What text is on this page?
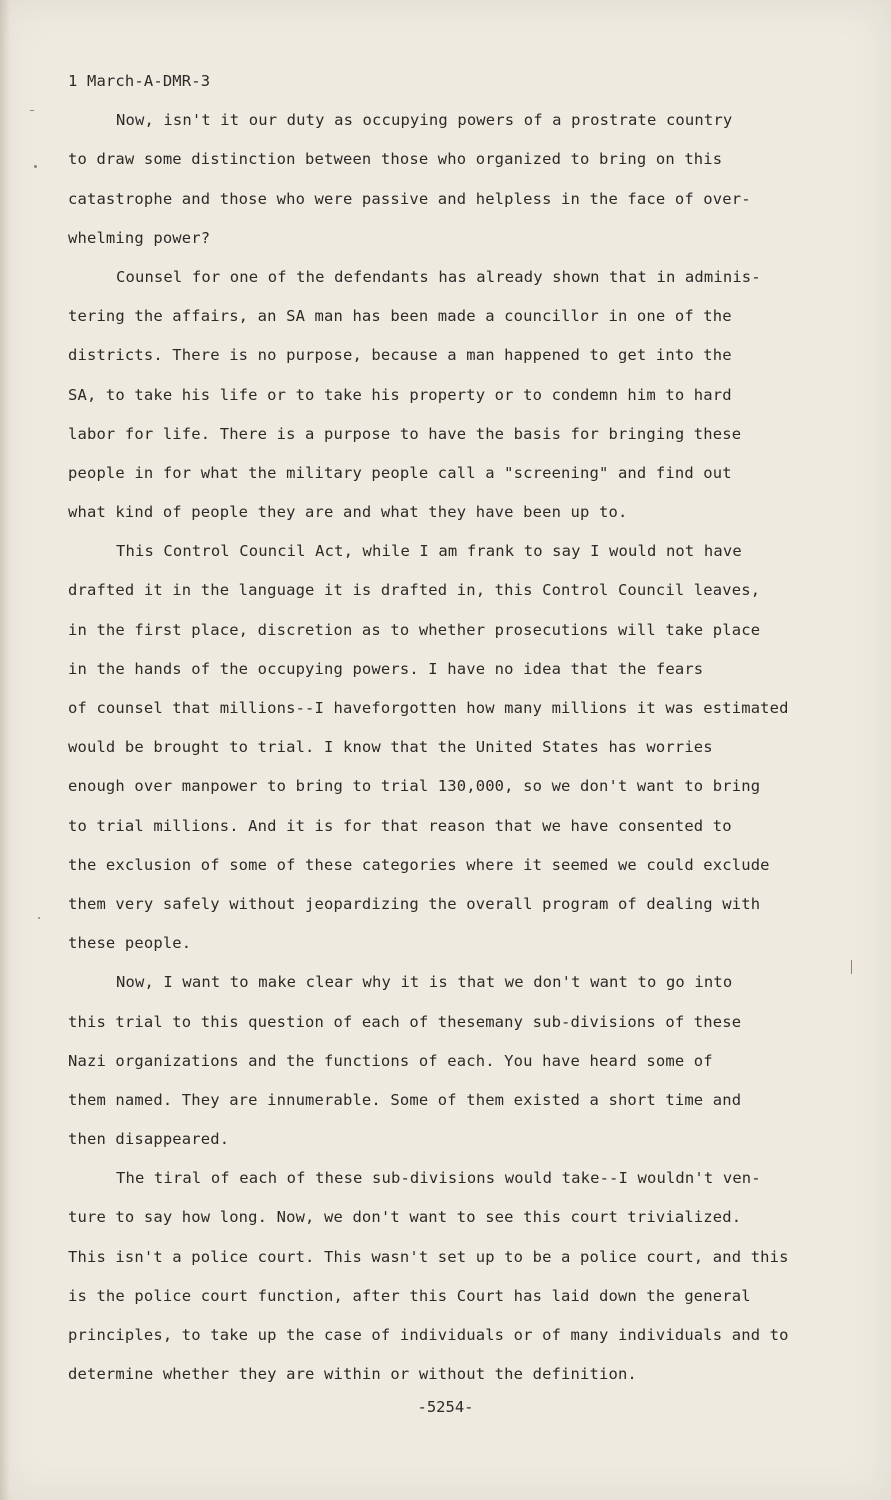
1 March-A-DMR-3
Now, isn't it our duty as occupying powers of a prostrate country
to draw some distinction between those who organized to bring on this
catastrophe and those who were passive and helpless in the face of over-
whelming power?
Counsel for one of the defendants has already shown that in adminis-
tering the affairs, an SA man has been made a councillor in one of the
districts. There is no purpose, because a man happened to get into the
SA, to take his life or to take his property or to condemn him to hard
labor for life. There is a purpose to have the basis for bringing these
people in for what the military people call a "screening" and find out
what kind of people they are and what they have been up to.
This Control Council Act, while I am frank to say I would not have
drafted it in the language it is drafted in, this Control Council leaves,
in the first place, discretion as to whether prosecutions will take place
in the hands of the occupying powers. I have no idea that the fears
of counsel that millions--I haveforgotten how many millions it was estimated
would be brought to trial. I know that the United States has worries
enough over manpower to bring to trial 130,000, so we don't want to bring
to trial millions. And it is for that reason that we have consented to
the exclusion of some of these categories where it seemed we could exclude
them very safely without jeopardizing the overall program of dealing with
these people.
Now, I want to make clear why it is that we don't want to go into
this trial to this question of each of thesemany sub-divisions of these
Nazi organizations and the functions of each. You have heard some of
them named. They are innumerable. Some of them existed a short time and
then disappeared.
The tiral of each of these sub-divisions would take--I wouldn't ven-
ture to say how long. Now, we don't want to see this court trivialized.
This isn't a police court. This wasn't set up to be a police court, and this
is the police court function, after this Court has laid down the general
principles, to take up the case of individuals or of many individuals and to
determine whether they are within or without the definition.
-5254-
